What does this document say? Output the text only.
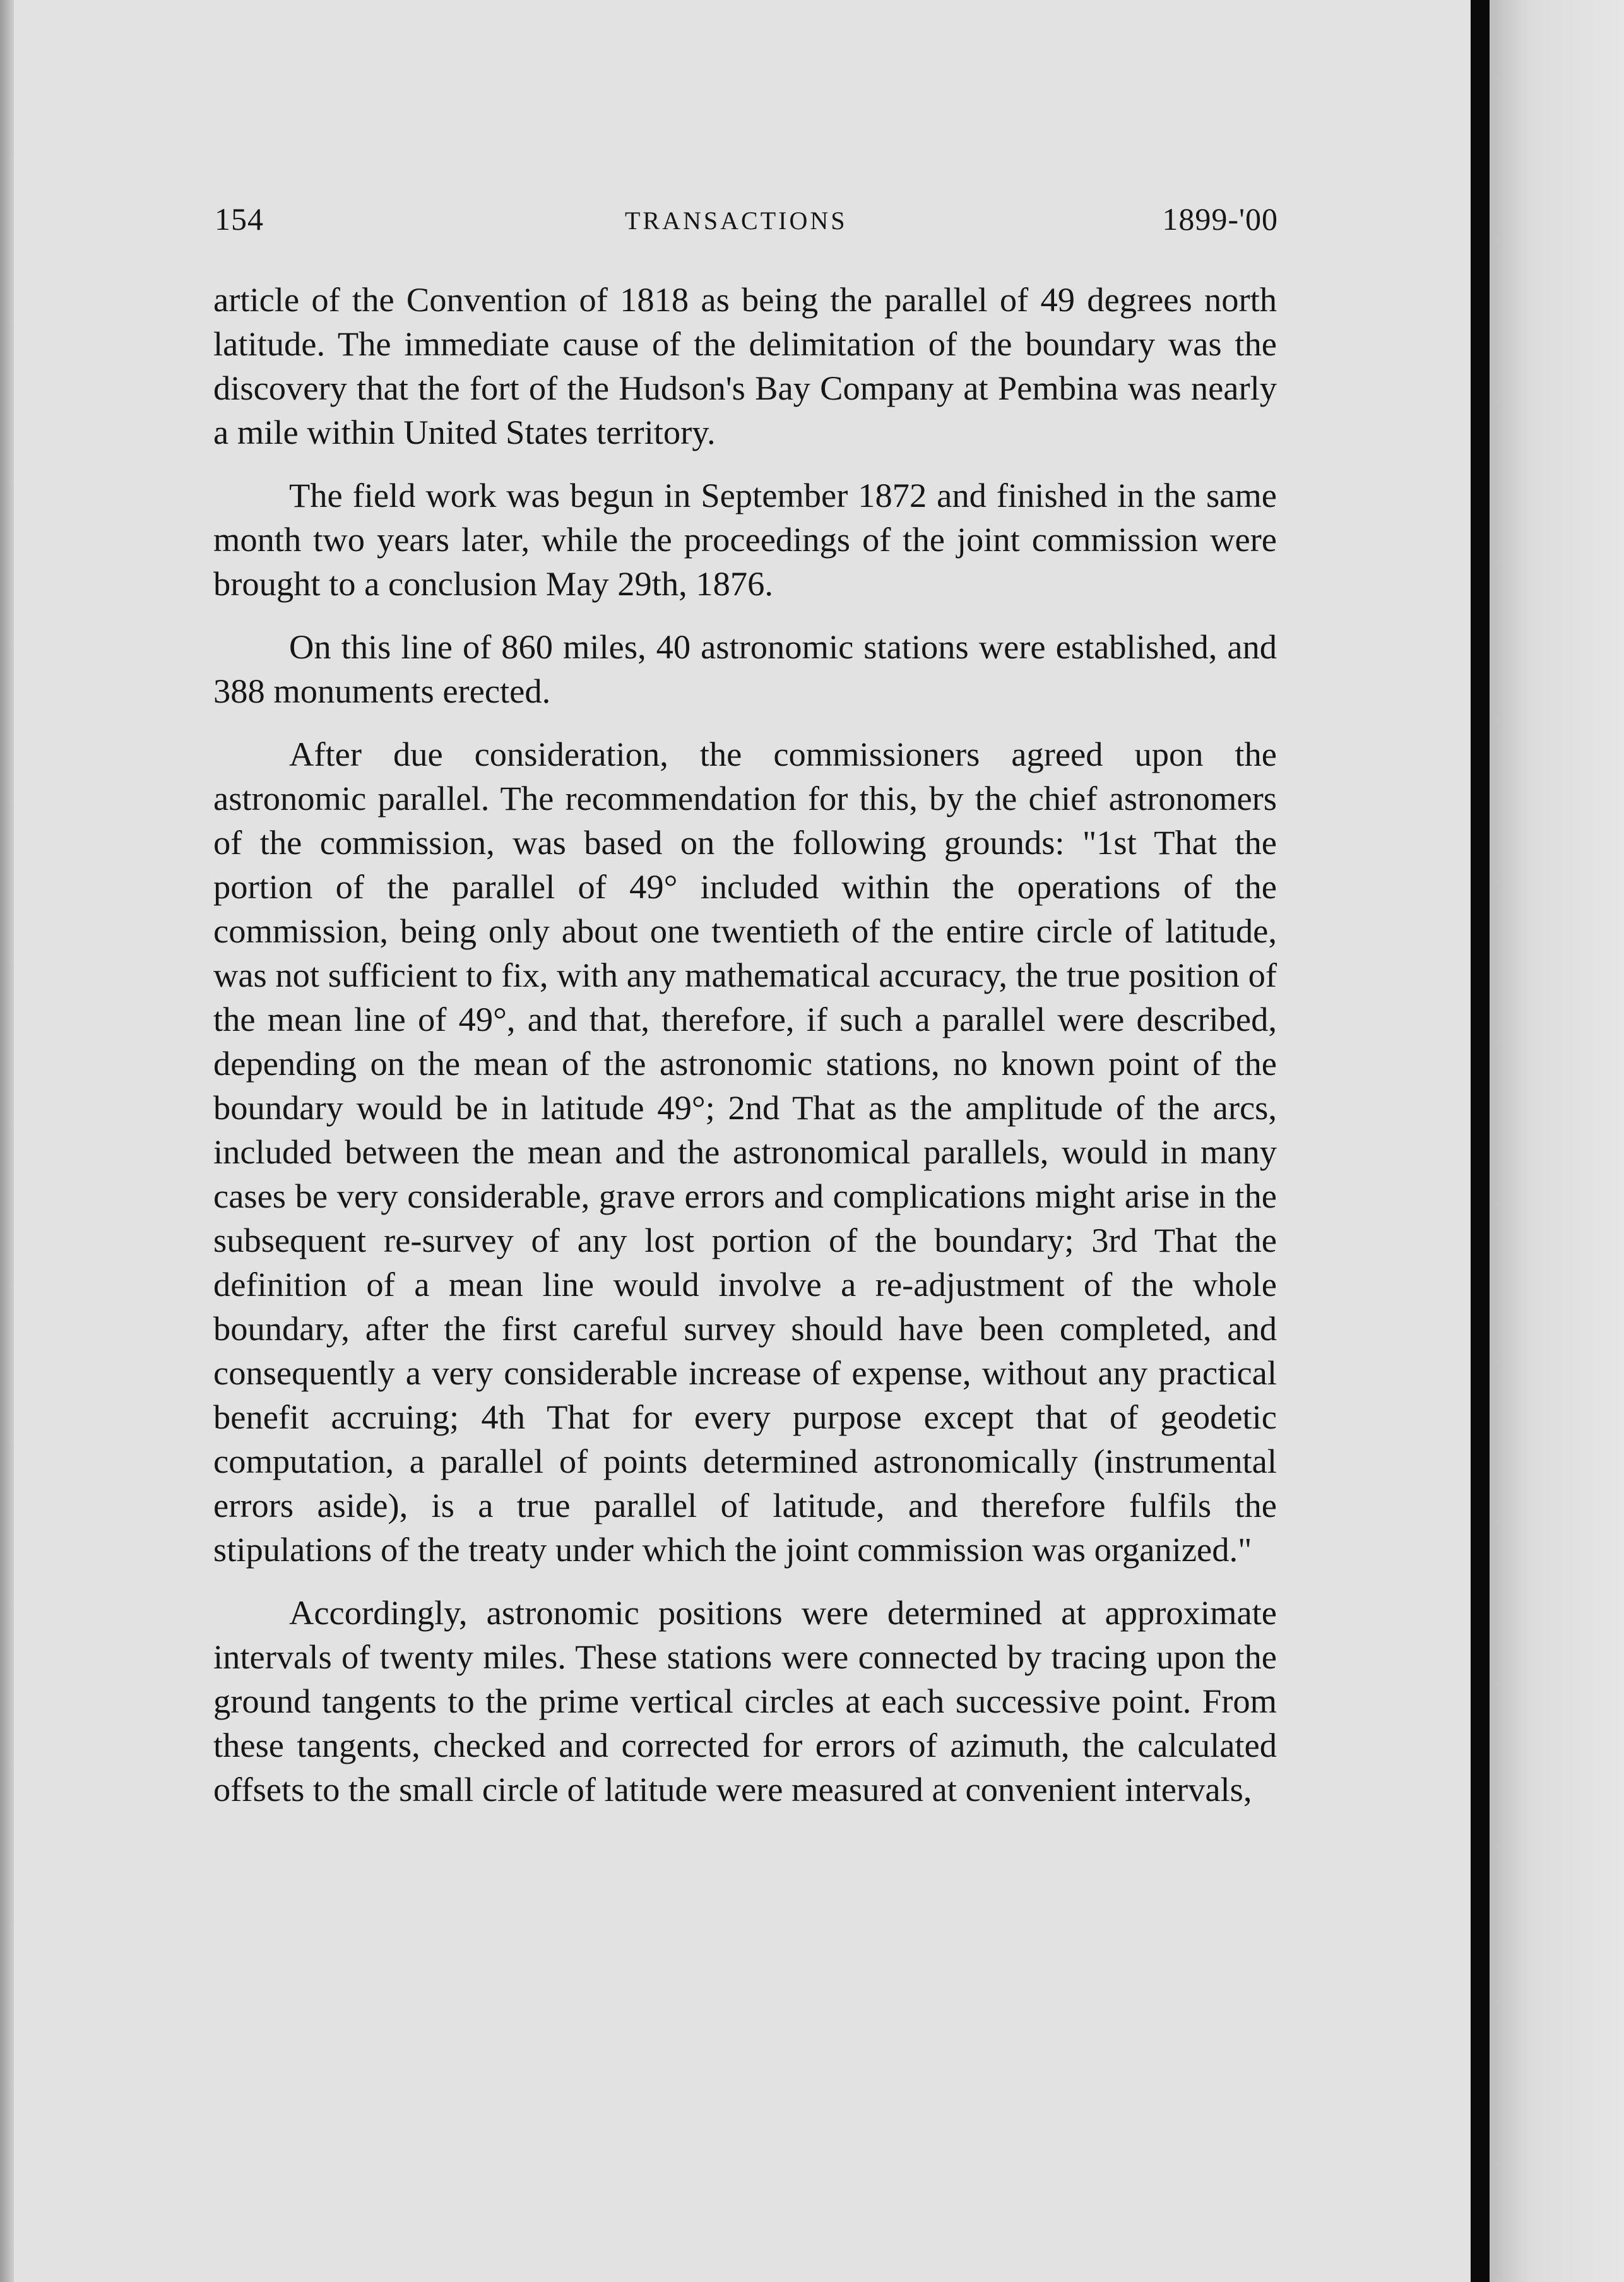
154	TRANSACTIONS	1899-'00

article of the Convention of 1818 as being the parallel of 49 degrees north latitude. The immediate cause of the delimitation of the boundary was the discovery that the fort of the Hudson's Bay Company at Pembina was nearly a mile within United States territory.

The field work was begun in September 1872 and finished in the same month two years later, while the proceedings of the joint commission were brought to a conclusion May 29th, 1876.

On this line of 860 miles, 40 astronomic stations were established, and 388 monuments erected.

After due consideration, the commissioners agreed upon the astronomic parallel. The recommendation for this, by the chief astronomers of the commission, was based on the following grounds: "1st That the portion of the parallel of 49° included within the operations of the commission, being only about one twentieth of the entire circle of latitude, was not sufficient to fix, with any mathematical accuracy, the true position of the mean line of 49°, and that, therefore, if such a parallel were described, depending on the mean of the astronomic stations, no known point of the boundary would be in latitude 49°; 2nd That as the amplitude of the arcs, included between the mean and the astronomical parallels, would in many cases be very considerable, grave errors and complications might arise in the subsequent re-survey of any lost portion of the boundary; 3rd That the definition of a mean line would involve a re-adjustment of the whole boundary, after the first careful survey should have been completed, and consequently a very considerable increase of expense, without any practical benefit accruing; 4th That for every purpose except that of geodetic computation, a parallel of points determined astronomically (instrumental errors aside), is a true parallel of latitude, and therefore fulfils the stipulations of the treaty under which the joint commission was organized."

Accordingly, astronomic positions were determined at approximate intervals of twenty miles. These stations were connected by tracing upon the ground tangents to the prime vertical circles at each successive point. From these tangents, checked and corrected for errors of azimuth, the calculated offsets to the small circle of latitude were measured at convenient intervals,
